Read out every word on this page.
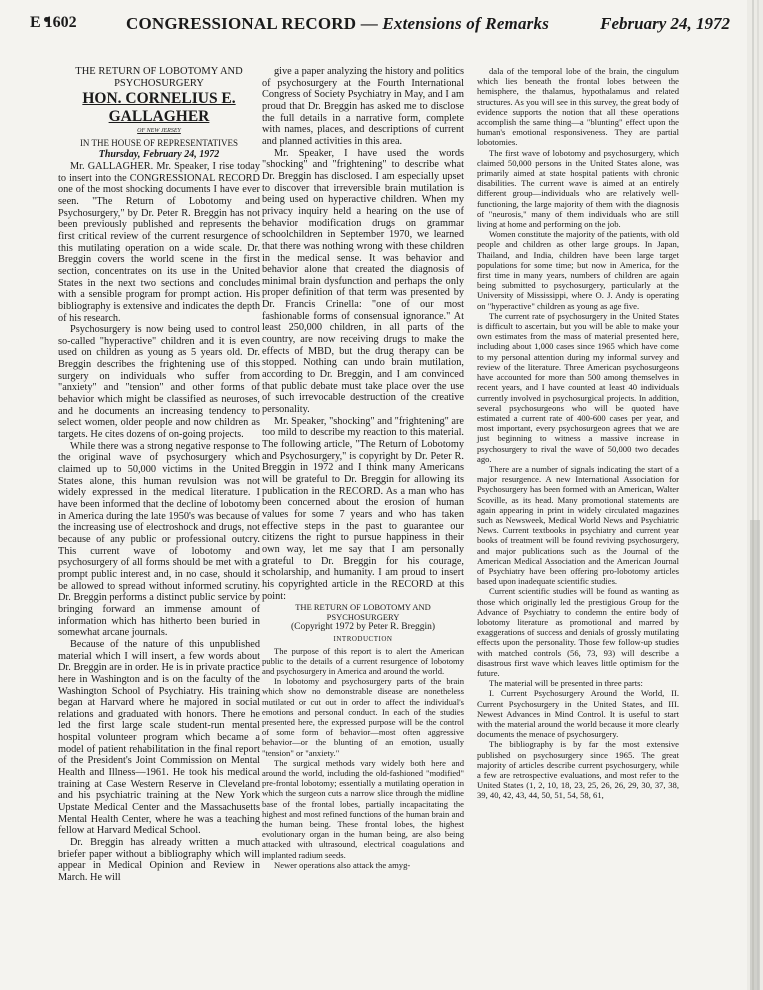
E 1602	CONGRESSIONAL RECORD — Extensions of Remarks	February 24, 1972

THE RETURN OF LOBOTOMY AND PSYCHOSURGERY

HON. CORNELIUS E. GALLAGHER

OF NEW JERSEY

IN THE HOUSE OF REPRESENTATIVES

Thursday, February 24, 1972

Mr. GALLAGHER. Mr. Speaker, I rise today to insert into the CONGRESSIONAL RECORD one of the most shocking documents I have ever seen. "The Return of Lobotomy and Psychosurgery," by Dr. Peter R. Breggin has not been previously published and represents the first critical review of the current resurgence of this mutilating operation on a wide scale. Dr. Breggin covers the world scene in the first section, concentrates on its use in the United States in the next two sections and concludes with a sensible program for prompt action. His bibliography is extensive and indicates the depth of his research.

Psychosurgery is now being used to control so-called "hyperactive" children and it is even used on children as young as 5 years old. Dr. Breggin describes the frightening use of this surgery on individuals who suffer from "anxiety" and "tension" and other forms of behavior which might be classified as neuroses, and he documents an increasing tendency to select women, older people and now children as targets. He cites dozens of on-going projects.

While there was a strong negative response to the original wave of psychosurgery which claimed up to 50,000 victims in the United States alone, this human revulsion was not widely expressed in the medical literature. I have been informed that the decline of lobotomy in America during the late 1950's was because of the increasing use of electroshock and drugs, not because of any public or professional outcry. This current wave of lobotomy and psychosurgery of all forms should be met with a prompt public interest and, in no case, should it be allowed to spread without informed scrutiny. Dr. Breggin performs a distinct public service by bringing forward an immense amount of information which has hitherto been buried in somewhat arcane journals.

Because of the nature of this unpublished material which I will insert, a few words about Dr. Breggin are in order. He is in private practice here in Washington and is on the faculty of the Washington School of Psychiatry. His training began at Harvard where he majored in social relations and graduated with honors. There he led the first large scale student-run mental hospital volunteer program which became a model of patient rehabilitation in the final report of the President's Joint Commission on Mental Health and Illness—1961. He took his medical training at Case Western Reserve in Cleveland and his psychiatric training at the New York Upstate Medical Center and the Massachusetts Mental Health Center, where he was a teaching fellow at Harvard Medical School.

Dr. Breggin has already written a much briefer paper without a bibliography which will appear in Medical Opinion and Review in March. He will

give a paper analyzing the history and politics of psychosurgery at the Fourth International Congress of Society Psychiatry in May, and I am proud that Dr. Breggin has asked me to disclose the full details in a narrative form, complete with names, places, and descriptions of current and planned activities in this area.

Mr. Speaker, I have used the words "shocking" and "frightening" to describe what Dr. Breggin has disclosed. I am especially upset to discover that irreversible brain mutilation is being used on hyperactive children. When my privacy inquiry held a hearing on the use of behavior modification drugs on grammar schoolchildren in September 1970, we learned that there was nothing wrong with these children in the medical sense. It was behavior and behavior alone that created the diagnosis of minimal brain dysfunction and perhaps the only proper definition of that term was presented by Dr. Francis Crinella: "one of our most fashionable forms of consensual ignorance." At least 250,000 children, in all parts of the country, are now receiving drugs to make the effects of MBD, but the drug therapy can be stopped. Nothing can undo brain mutilation, according to Dr. Breggin, and I am convinced that public debate must take place over the use of such irrevocable destruction of the creative personality.

Mr. Speaker, "shocking" and "frightening" are too mild to describe my reaction to this material. The following article, "The Return of Lobotomy and Psychosurgery," is copyright by Dr. Peter R. Breggin in 1972 and I think many Americans will be grateful to Dr. Breggin for allowing its publication in the RECORD. As a man who has been concerned about the erosion of human values for some 7 years and who has taken effective steps in the past to guarantee our citizens the right to pursue happiness in their own way, let me say that I am personally grateful to Dr. Breggin for his courage, scholarship, and humanity. I am proud to insert his copyrighted article in the RECORD at this point:

THE RETURN OF LOBOTOMY AND PSYCHOSURGERY

(Copyright 1972 by Peter R. Breggin)

INTRODUCTION

The purpose of this report is to alert the American public to the details of a current resurgence of lobotomy and psychosurgery in America and around the world.

In lobotomy and psychosurgery parts of the brain which show no demonstrable disease are nonetheless mutilated or cut out in order to affect the individual's emotions and personal conduct. In each of the studies presented here, the expressed purpose will be the control of some form of behavior—most often aggressive behavior—or the blunting of an emotion, usually "tension" or "anxiety."

The surgical methods vary widely both here and around the world, including the old-fashioned "modified" pre-frontal lobotomy; essentially a mutilating operation in which the surgeon cuts a narrow slice through the midline base of the frontal lobes, partially incapacitating the highest and most refined functions of the human brain and the human being. These frontal lobes, the highest evolutionary organ in the human being, are also being attacked with ultrasound, electrical coagulations and implanted radium seeds.

Newer operations also attack the amyg-

dala of the temporal lobe of the brain, the cingulum which lies beneath the frontal lobes between the hemisphere, the thalamus, hypothalamus and related structures. As you will see in this survey, the great body of evidence supports the notion that all these operations accomplish the same thing—a "blunting" effect upon the human's emotional responsiveness. They are partial lobotomies.

The first wave of lobotomy and psychosurgery, which claimed 50,000 persons in the United States alone, was primarily aimed at state hospital patients with chronic disabilities. The current wave is aimed at an entirely different group—individuals who are relatively well-functioning, the large majority of them with the diagnosis of "neurosis," many of them individuals who are still living at home and performing on the job.

Women constitute the majority of the patients, with old people and children as other large groups. In Japan, Thailand, and India, children have been large target populations for some time; but now in America, for the first time in many years, numbers of children are again being submitted to psychosurgery, particularly at the University of Mississippi, where O. J. Andy is operating on "hyperactive" children as young as age five.

The current rate of psychosurgery in the United States is difficult to ascertain, but you will be able to make your own estimates from the mass of material presented here, including about 1,000 cases since 1965 which have come to my personal attention during my informal survey and review of the literature. Three American psychosurgeons have accounted for more than 500 among themselves in recent years, and I have counted at least 40 individuals currently involved in psychosurgical projects. In addition, several psychosurgeons who will be quoted have estimated a current rate of 400-600 cases per year, and most important, every psychosurgeon agrees that we are just beginning to witness a massive increase in psychosurgery to rival the wave of 50,000 two decades ago.

There are a number of signals indicating the start of a major resurgence. A new International Association for Psychosurgery has been formed with an American, Walter Scoville, as its head. Many promotional statements are again appearing in print in widely circulated magazines such as Newsweek, Medical World News and Psychiatric News. Current textbooks in psychiatry and current year books of treatment will be found reviving psychosurgery, and major publications such as the Journal of the American Medical Association and the American Journal of Psychiatry have been offering pro-lobotomy articles based upon inadequate scientific studies.

Current scientific studies will be found as wanting as those which originally led the prestigious Group for the Advance of Psychiatry to condemn the entire body of lobotomy literature as promotional and marred by exaggerations of success and denials of grossly mutilating effects upon the personality. Those few follow-up studies with matched controls (56, 73, 93) will describe a disastrous first wave which leaves little optimism for the future.

The material will be presented in three parts:

I. Current Psychosurgery Around the World, II. Current Psychosurgery in the United States, and III. Newest Advances in Mind Control. It is useful to start with the material around the world because it more clearly documents the menace of psychosurgery.

The bibliography is by far the most extensive published on psychosurgery since 1965. The great majority of articles describe current psychosurgery, while a few are retrospective evaluations, and most refer to the United States (1, 2, 10, 18, 23, 25, 26, 26, 29, 30, 37, 38, 39, 40, 42, 43, 44, 50, 51, 54, 58, 61,
